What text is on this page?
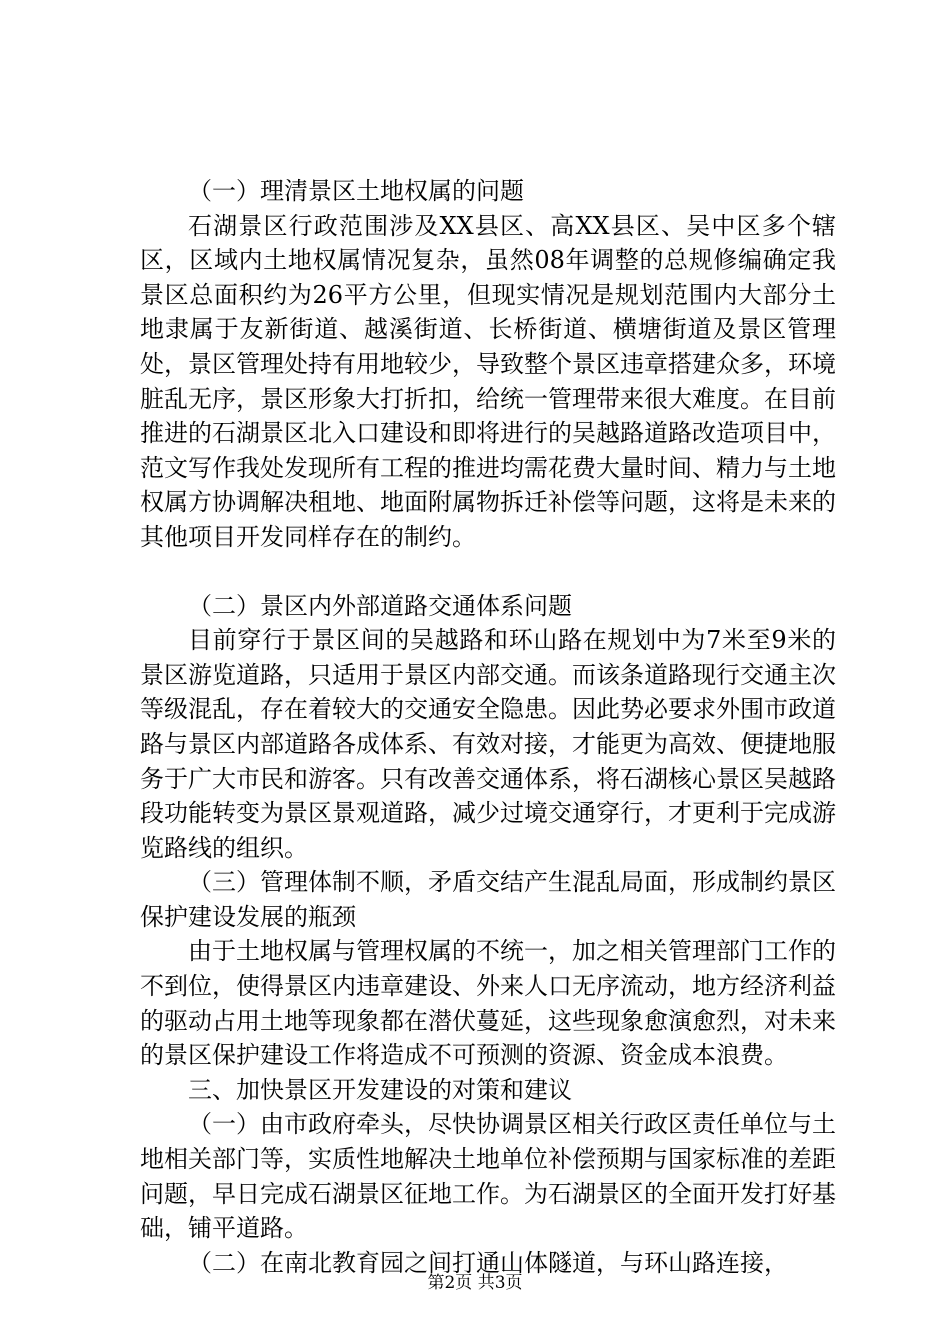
（一）理清景区土地权属的问题

石湖景区行政范围涉及XX县区、高XX县区、吴中区多个辖区，区域内土地权属情况复杂，虽然08年调整的总规修编确定我景区总面积约为26平方公里，但现实情况是规划范围内大部分土地隶属于友新街道、越溪街道、长桥街道、横塘街道及景区管理处，景区管理处持有用地较少，导致整个景区违章搭建众多，环境脏乱无序，景区形象大打折扣，给统一管理带来很大难度。在目前推进的石湖景区北入口建设和即将进行的吴越路道路改造项目中，范文写作我处发现所有工程的推进均需花费大量时间、精力与土地权属方协调解决租地、地面附属物拆迁补偿等问题，这将是未来的其他项目开发同样存在的制约。

（二）景区内外部道路交通体系问题

目前穿行于景区间的吴越路和环山路在规划中为7米至9米的景区游览道路，只适用于景区内部交通。而该条道路现行交通主次等级混乱，存在着较大的交通安全隐患。因此势必要求外围市政道路与景区内部道路各成体系、有效对接，才能更为高效、便捷地服务于广大市民和游客。只有改善交通体系，将石湖核心景区吴越路段功能转变为景区景观道路，减少过境交通穿行，才更利于完成游览路线的组织。

（三）管理体制不顺，矛盾交结产生混乱局面，形成制约景区保护建设发展的瓶颈

由于土地权属与管理权属的不统一，加之相关管理部门工作的不到位，使得景区内违章建设、外来人口无序流动，地方经济利益的驱动占用土地等现象都在潜伏蔓延，这些现象愈演愈烈，对未来的景区保护建设工作将造成不可预测的资源、资金成本浪费。

三、加快景区开发建设的对策和建议

（一）由市政府牵头，尽快协调景区相关行政区责任单位与土地相关部门等，实质性地解决土地单位补偿预期与国家标准的差距问题，早日完成石湖景区征地工作。为石湖景区的全面开发打好基础，铺平道路。

（二）在南北教育园之间打通山体隧道，与环山路连接，

第2页 共3页
